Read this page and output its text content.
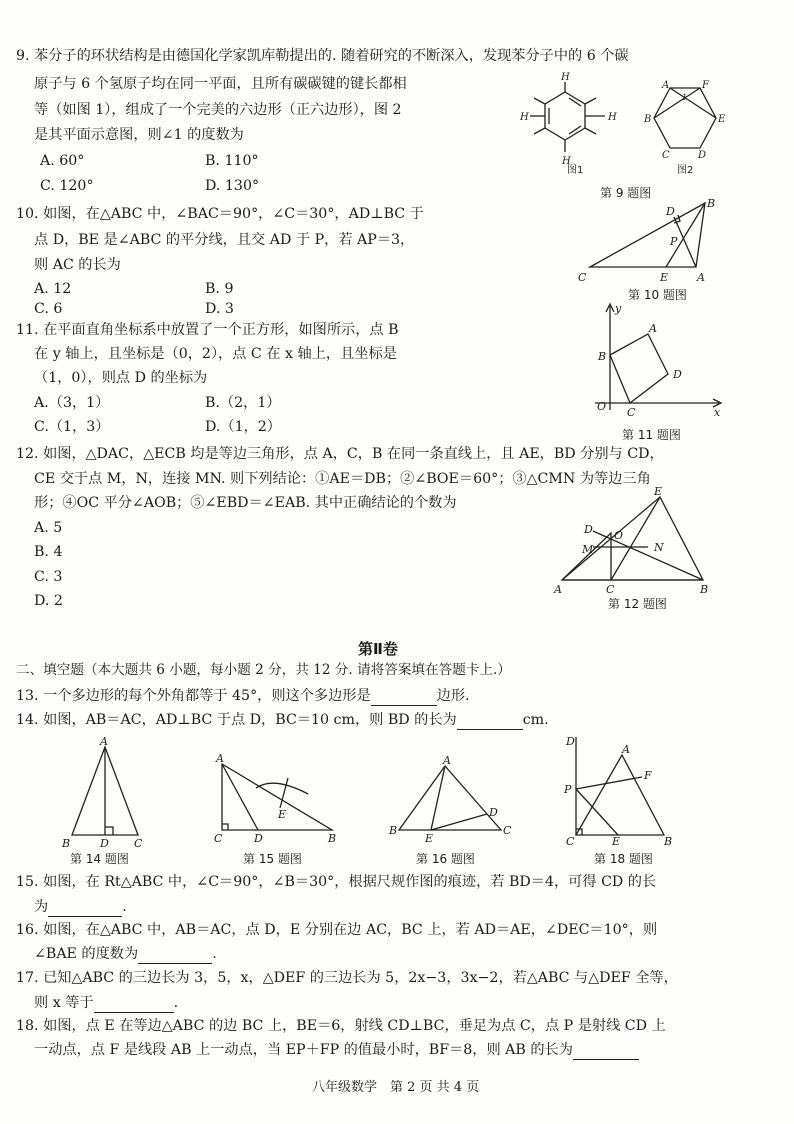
9. 苯分子的环状结构是由德国化学家凯库勒提出的. 随着研究的不断深入，发现苯分子中的 6 个碳
原子与 6 个氢原子均在同一平面，且所有碳碳键的键长都相
等（如图 1），组成了一个完美的六边形（正六边形），图 2
是其平面示意图，则∠1 的度数为
A. 60°	B. 110°
C. 120°	D. 130°
H
H	H
H
图1
A	F
B	E
C	D
1
图2
第 9 题图
10. 如图，在△ABC 中，∠BAC＝90°，∠C＝30°，AD⊥BC 于
点 D，BE 是∠ABC 的平分线，且交 AD 于 P，若 AP＝3，
则 AC 的长为
A. 12	B. 9
C. 6	D. 3
C
B
A
D
E
P
第 10 题图
11. 在平面直角坐标系中放置了一个正方形，如图所示，点 B
在 y 轴上，且坐标是（0，2），点 C 在 x 轴上，且坐标是
（1，0），则点 D 的坐标为
A.（3，1）	B.（2，1）
C.（1，3）	D.（1，2）
y
x
O
B
A
D
C
第 11 题图
12. 如图，△DAC，△ECB 均是等边三角形，点 A，C，B 在同一条直线上，且 AE，BD 分别与 CD，
CE 交于点 M，N，连接 MN. 则下列结论：①AE＝DB；②∠BOE＝60°；③△CMN 为等边三角
形；④OC 平分∠AOB；⑤∠EBD＝∠EAB. 其中正确结论的个数为
A. 5
B. 4
C. 3
D. 2
A	C	B
D
E
M	N
O
第 12 题图
第Ⅱ卷
二、填空题（本大题共 6 小题，每小题 2 分，共 12 分. 请将答案填在答题卡上.）
13. 一个多边形的每个外角都等于 45°，则这个多边形是	边形.
14. 如图，AB＝AC，AD⊥BC 于点 D，BC＝10 cm，则 BD 的长为	cm.
A
B	D C
第 14 题图
A
C	D	B
E
第 15 题图
A
B
E
C
D
第 16 题图
D
A
F
P
C	E	B
第 18 题图
15. 如图，在 Rt△ABC 中，∠C＝90°，∠B＝30°，根据尺规作图的痕迹，若 BD＝4，可得 CD 的长
为	.
16. 如图，在△ABC 中，AB＝AC，点 D，E 分别在边 AC，BC 上，若 AD＝AE，∠DEC＝10°，则
∠BAE 的度数为	.
17. 已知△ABC 的三边长为 3，5，x，△DEF 的三边长为 5，2x−3，3x−2，若△ABC 与△DEF 全等，
则 x 等于	.
18. 如图，点 E 在等边△ABC 的边 BC 上，BE＝6，射线 CD⊥BC，垂足为点 C，点 P 是射线 CD 上
一动点，点 F 是线段 AB 上一动点，当 EP＋FP 的值最小时，BF＝8，则 AB 的长为
八年级数学　第 2 页 共 4 页
